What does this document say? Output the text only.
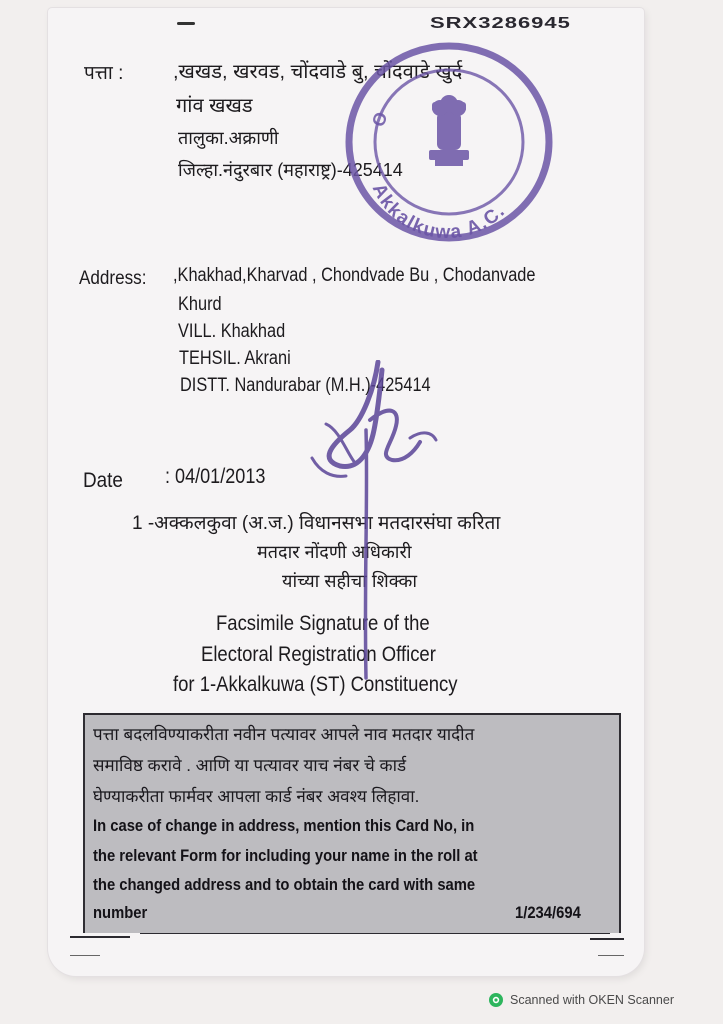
SRX3286945
पत्ता : ,खखड, खरवड, चोंदवाडे बु, चोंदवाडे खुर्द
गांव खखड
तालुका.अक्राणी
जिल्हा.नंदुरबार (महाराष्ट्र)-425414
Akkalkuwa A.C.
O
Address: ,Khakhad,Kharvad , Chondvade Bu , Chodanvade
Khurd
VILL. Khakhad
TEHSIL. Akrani
DISTT. Nandurabar (M.H.)-425414
Date : 04/01/2013
1 -अक्कलकुवा (अ.ज.) विधानसभा मतदारसंघा करिता
मतदार नोंदणी अधिकारी
यांच्या सहीचा शिक्का
Facsimile Signature of the
Electoral Registration Officer
for 1-Akkalkuwa (ST) Constituency
पत्ता बदलविण्याकरीता नवीन पत्यावर आपले नाव मतदार यादीत
समाविष्ठ करावे . आणि या पत्यावर याच नंबर चे कार्ड
घेण्याकरीता फार्मवर आपला कार्ड नंबर अवश्य लिहावा.
In case of change in address, mention this Card No, in
the relevant Form for including your name in the roll at
the changed address and to obtain the card with same
number	1/234/694
Scanned with OKEN Scanner
